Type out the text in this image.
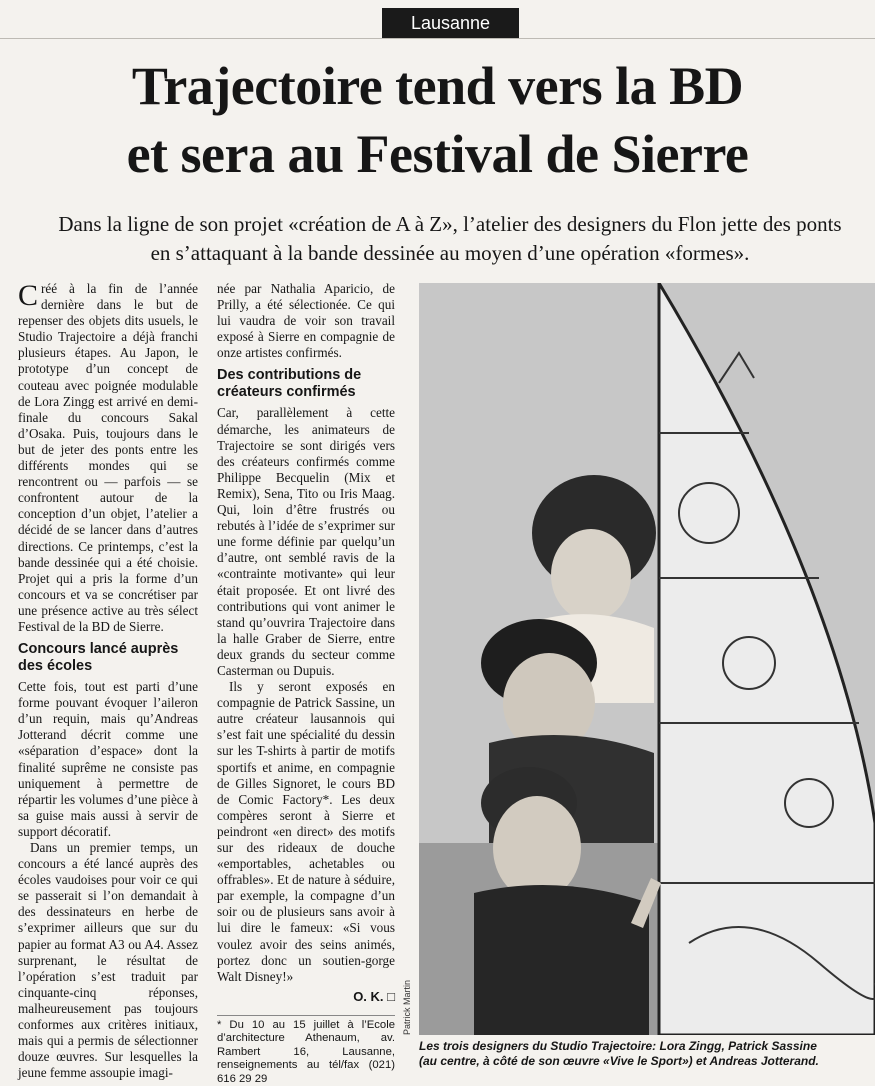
Lausanne
Trajectoire tend vers la BD
et sera au Festival de Sierre
Dans la ligne de son projet «création de A à Z», l’atelier des designers du Flon jette des ponts en s’attaquant à la bande dessinée au moyen d’une opération «formes».

Créé à la fin de l’année dernière dans le but de repenser des objets dits usuels, le Studio Trajectoire a déjà franchi plusieurs étapes. Au Japon, le prototype d’un concept de couteau avec poignée modulable de Lora Zingg est arrivé en demi-finale du concours Sakal d’Osaka. Puis, toujours dans le but de jeter des ponts entre les différents mondes qui se rencontrent ou — parfois — se confrontent autour de la conception d’un objet, l’atelier a décidé de se lancer dans d’autres directions. Ce printemps, c’est la bande dessinée qui a été choisie. Projet qui a pris la forme d’un concours et va se concrétiser par une présence active au très sélect Festival de la BD de Sierre.

Concours lancé auprès des écoles

Cette fois, tout est parti d’une forme pouvant évoquer l’aileron d’un requin, mais qu’Andreas Jotterand décrit comme une «séparation d’espace» dont la finalité suprême ne consiste pas uniquement à permettre de répartir les volumes d’une pièce à sa guise mais aussi à servir de support décoratif.

Dans un premier temps, un concours a été lancé auprès des écoles vaudoises pour voir ce qui se passerait si l’on demandait à des dessinateurs en herbe de s’exprimer ailleurs que sur du papier au format A3 ou A4. Assez surprenant, le résultat de l’opération s’est traduit par cinquante-cinq réponses, malheureusement pas toujours conformes aux critères initiaux, mais qui a permis de sélectionner douze œuvres. Sur lesquelles la jeune femme assoupie imagi-

née par Nathalia Aparicio, de Prilly, a été sélectionée. Ce qui lui vaudra de voir son travail exposé à Sierre en compagnie de onze artistes confirmés.

Des contributions de créateurs confirmés

Car, parallèlement à cette démarche, les animateurs de Trajectoire se sont dirigés vers des créateurs confirmés comme Philippe Becquelin (Mix et Remix), Sena, Tito ou Iris Maag. Qui, loin d’être frustrés ou rebutés à l’idée de s’exprimer sur une forme définie par quelqu’un d’autre, ont semblé ravis de la «contrainte motivante» qui leur était proposée. Et ont livré des contributions qui vont animer le stand qu’ouvrira Trajectoire dans la halle Graber de Sierre, entre deux grands du secteur comme Casterman ou Dupuis.

Ils y seront exposés en compagnie de Patrick Sassine, un autre créateur lausannois qui s’est fait une spécialité du dessin sur les T-shirts à partir de motifs sportifs et anime, en compagnie de Gilles Signoret, le cours BD de Comic Factory*. Les deux compères seront à Sierre et peindront «en direct» des motifs sur des rideaux de douche «emportables, achetables ou offrables». Et de nature à séduire, par exemple, la compagne d’un soir ou de plusieurs sans avoir à lui dire le fameux: «Si vous voulez avoir des seins animés, portez donc un soutien-gorge Walt Disney!»

O. K. □
* Du 10 au 15 juillet à l’Ecole d’architecture Athenaum, av. Rambert 16, Lausanne, renseignements au tél/fax (021) 616 29 29
Patrick Martin
Les trois designers du Studio Trajectoire: Lora Zingg, Patrick Sassine
(au centre, à côté de son œuvre «Vive le Sport») et Andreas Jotterand.
